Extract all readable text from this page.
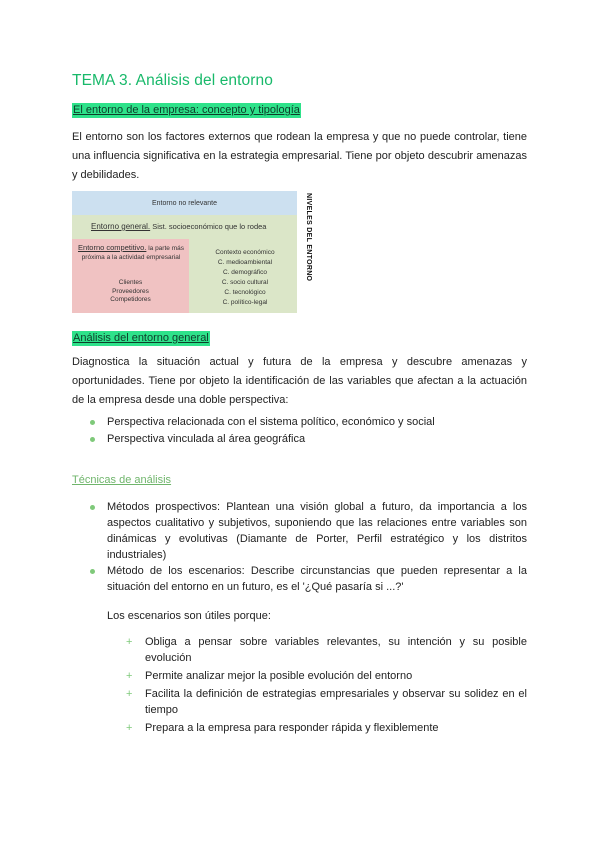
TEMA 3. Análisis del entorno
El entorno de la empresa: concepto y tipología

El entorno son los factores externos que rodean la empresa y que no puede controlar, tiene una influencia significativa en la estrategia empresarial. Tiene por objeto descubrir amenazas y debilidades.

Entorno no relevante
Entorno general. Sist. socioeconómico que lo rodea
Entorno competitivo. la parte más próxima a la actividad empresarial
Clientes
Proveedores
Competidores
Contexto económico
C. medioambiental
C. demográfico
C. socio cultural
C. tecnológico
C. político-legal
NIVELES DEL ENTORNO
Análisis del entorno general

Diagnostica la situación actual y futura de la empresa y descubre amenazas y oportunidades. Tiene por objeto la identificación de las variables que afectan a la actuación de la empresa desde una doble perspectiva:

Perspectiva relacionada con el sistema político, económico y social
Perspectiva vinculada al área geográfica
Técnicas de análisis
Métodos prospectivos: Plantean una visión global a futuro, da importancia a los aspectos cualitativo y subjetivos, suponiendo que las relaciones entre variables son dinámicas y evolutivas (Diamante de Porter, Perfil estratégico y los distritos industriales)
Método de los escenarios: Describe circunstancias que pueden representar a la situación del entorno en un futuro, es el '¿Qué pasaría si ...?'
Los escenarios son útiles porque:
+ Obliga a pensar sobre variables relevantes, su intención y su posible evolución
+ Permite analizar mejor la posible evolución del entorno
+ Facilita la definición de estrategias empresariales y observar su solidez en el tiempo
+ Prepara a la empresa para responder rápida y flexiblemente
